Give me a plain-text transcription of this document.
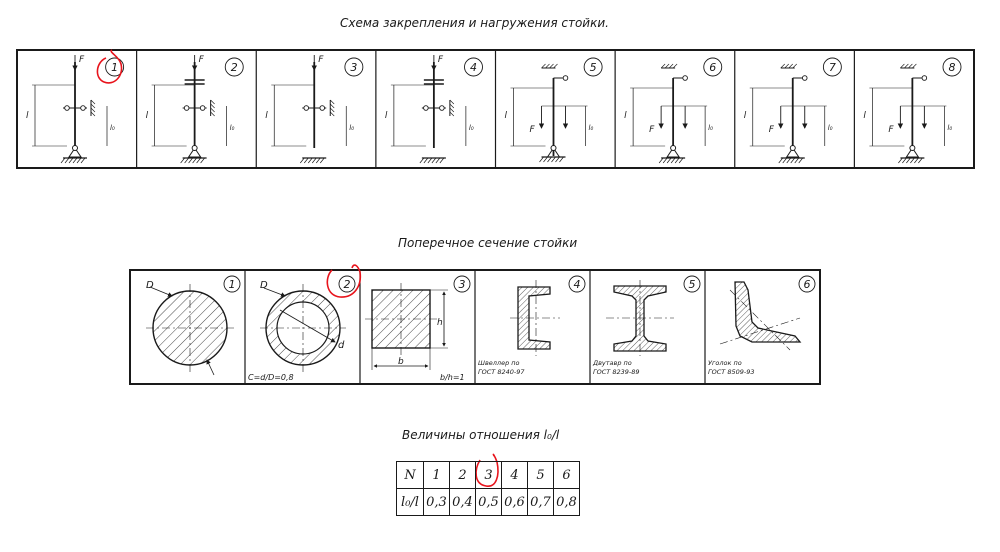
Схема закрепления и нагружения стойки.
Поперечное сечение стойки
Величины отношения l₀/l
1
l
l₀
F
2
l
l₀
F
3
l
l₀
F
4
l
l₀
F
5
l
l₀
F
6
l
l₀
F
7
l
l₀
F
8
l
l₀
F
D	D
d
C=d/D=0,8
b
h
b/h=1
Швеллер по
ГОСТ 8240-97
Двутавр по
ГОСТ 8239-89
Уголок по
ГОСТ 8509-93
1	2	3	4	5	6
N	1	2	3	4	5	6
l₀/l	0,3	0,4	0,5	0,6	0,7	0,8
